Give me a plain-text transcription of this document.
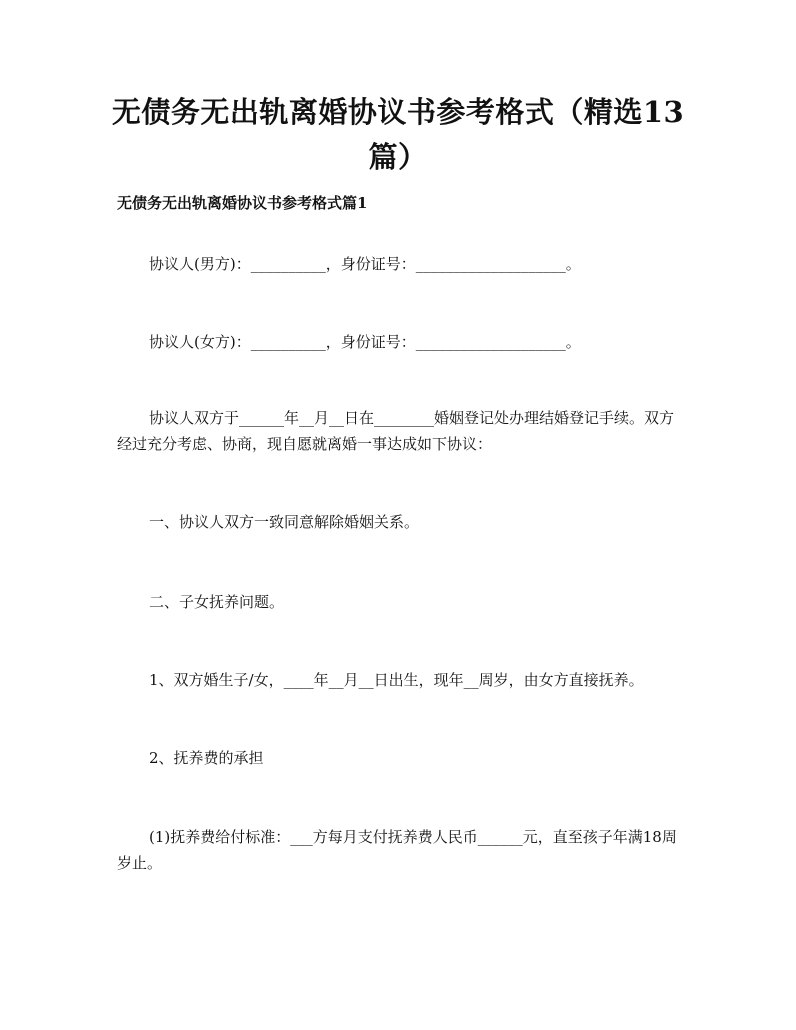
无债务无出轨离婚协议书参考格式（精选13篇）
无债务无出轨离婚协议书参考格式篇1
协议人(男方)：__________，身份证号：____________________。
协议人(女方)：__________，身份证号：____________________。
协议人双方于______年__月__日在________婚姻登记处办理结婚登记手续。双方经过充分考虑、协商，现自愿就离婚一事达成如下协议：
一、协议人双方一致同意解除婚姻关系。
二、子女抚养问题。
1、双方婚生子/女，____年__月__日出生，现年__周岁，由女方直接抚养。
2、抚养费的承担
(1)抚养费给付标准：___方每月支付抚养费人民币______元，直至孩子年满18周岁止。
